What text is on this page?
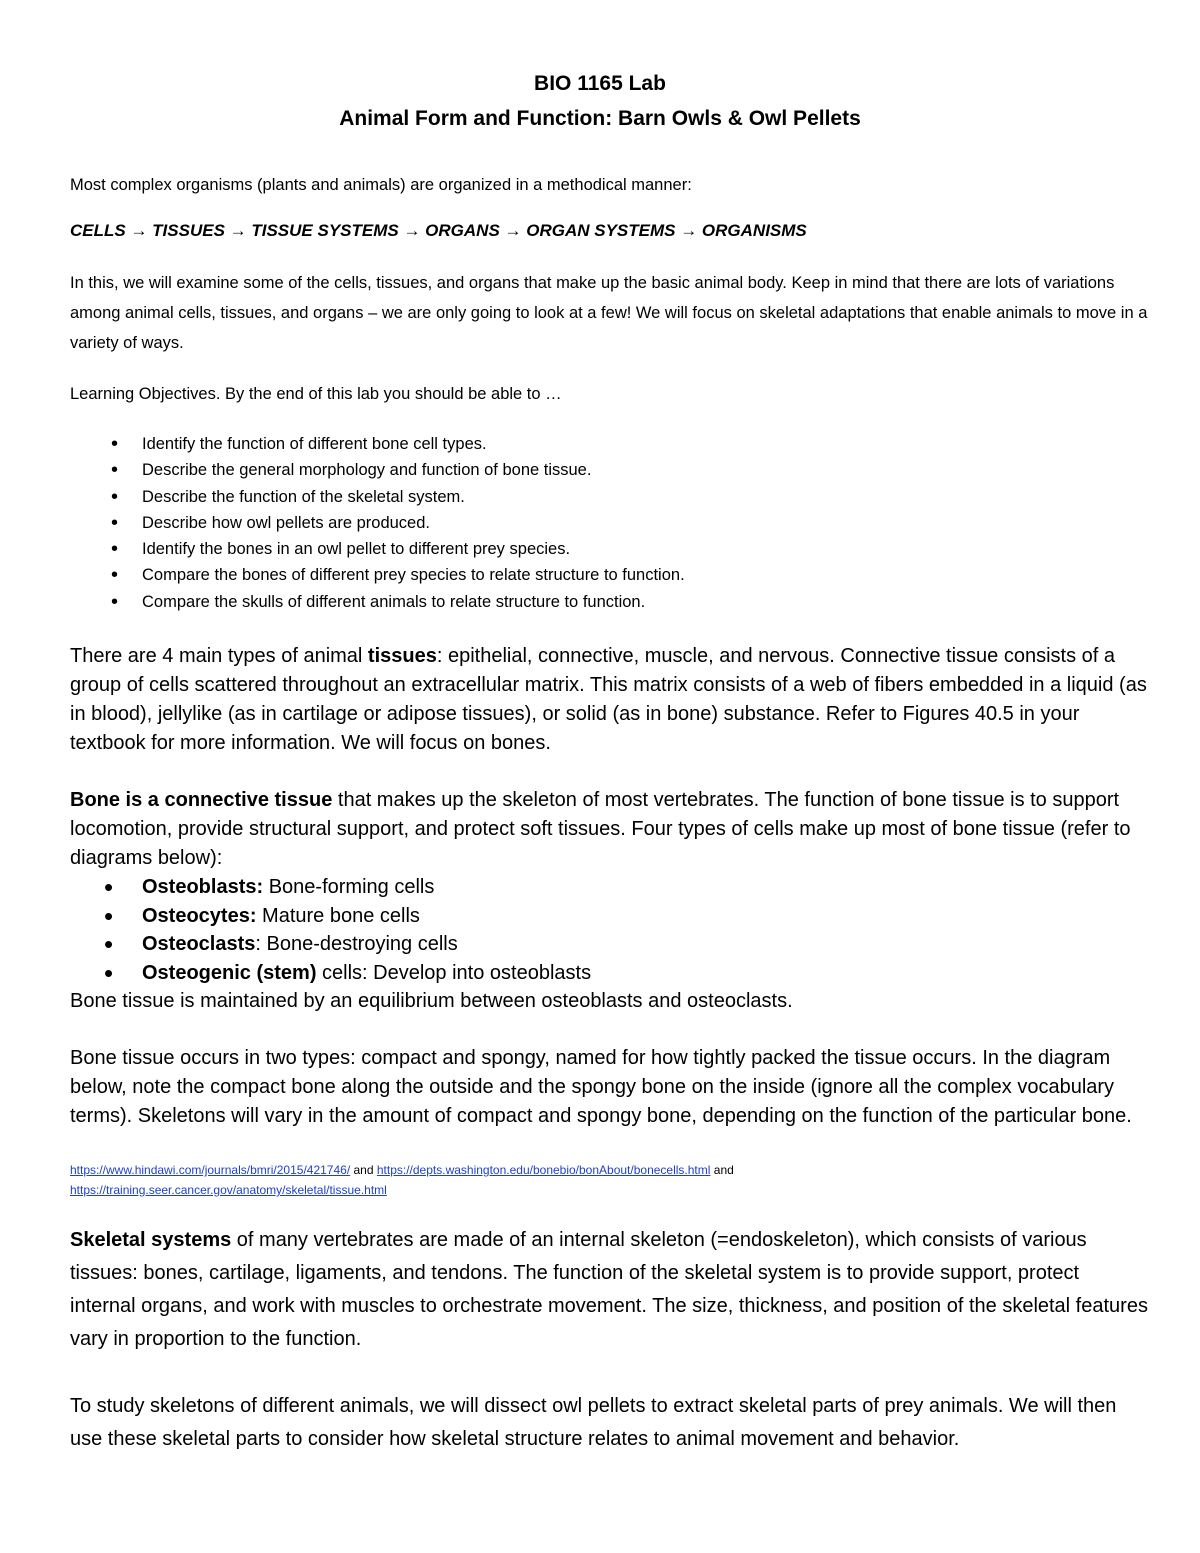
BIO 1165 Lab
Animal Form and Function: Barn Owls & Owl Pellets

Most complex organisms (plants and animals) are organized in a methodical manner:

CELLS → TISSUES → TISSUE SYSTEMS → ORGANS → ORGAN SYSTEMS → ORGANISMS

In this, we will examine some of the cells, tissues, and organs that make up the basic animal body. Keep in mind that there are lots of variations among animal cells, tissues, and organs – we are only going to look at a few! We will focus on skeletal adaptations that enable animals to move in a variety of ways.

Learning Objectives. By the end of this lab you should be able to …

• Identify the function of different bone cell types.
• Describe the general morphology and function of bone tissue.
• Describe the function of the skeletal system.
• Describe how owl pellets are produced.
• Identify the bones in an owl pellet to different prey species.
• Compare the bones of different prey species to relate structure to function.
• Compare the skulls of different animals to relate structure to function.

There are 4 main types of animal tissues: epithelial, connective, muscle, and nervous. Connective tissue consists of a group of cells scattered throughout an extracellular matrix. This matrix consists of a web of fibers embedded in a liquid (as in blood), jellylike (as in cartilage or adipose tissues), or solid (as in bone) substance. Refer to Figures 40.5 in your textbook for more information. We will focus on bones.

Bone is a connective tissue that makes up the skeleton of most vertebrates. The function of bone tissue is to support locomotion, provide structural support, and protect soft tissues. Four types of cells make up most of bone tissue (refer to diagrams below):
• Osteoblasts: Bone-forming cells
• Osteocytes: Mature bone cells
• Osteoclasts: Bone-destroying cells
• Osteogenic (stem) cells: Develop into osteoblasts
Bone tissue is maintained by an equilibrium between osteoblasts and osteoclasts.

Bone tissue occurs in two types: compact and spongy, named for how tightly packed the tissue occurs. In the diagram below, note the compact bone along the outside and the spongy bone on the inside (ignore all the complex vocabulary terms). Skeletons will vary in the amount of compact and spongy bone, depending on the function of the particular bone.

https://www.hindawi.com/journals/bmri/2015/421746/ and https://depts.washington.edu/bonebio/bonAbout/bonecells.html and
https://training.seer.cancer.gov/anatomy/skeletal/tissue.html

Skeletal systems of many vertebrates are made of an internal skeleton (=endoskeleton), which consists of various tissues: bones, cartilage, ligaments, and tendons. The function of the skeletal system is to provide support, protect internal organs, and work with muscles to orchestrate movement. The size, thickness, and position of the skeletal features vary in proportion to the function.

To study skeletons of different animals, we will dissect owl pellets to extract skeletal parts of prey animals. We will then use these skeletal parts to consider how skeletal structure relates to animal movement and behavior.
